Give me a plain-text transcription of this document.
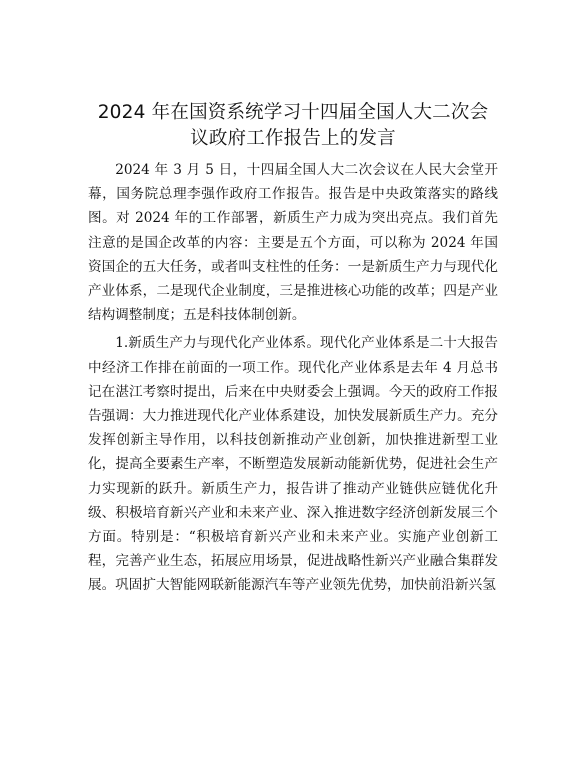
2024 年在国资系统学习十四届全国人大二次会
议政府工作报告上的发言

2024 年 3 月 5 日，十四届全国人大二次会议在人民大会堂开幕，国务院总理李强作政府工作报告。报告是中央政策落实的路线图。对 2024 年的工作部署，新质生产力成为突出亮点。我们首先注意的是国企改革的内容：主要是五个方面，可以称为 2024 年国资国企的五大任务，或者叫支柱性的任务：一是新质生产力与现代化产业体系，二是现代企业制度，三是推进核心功能的改革；四是产业结构调整制度；五是科技体制创新。

1.新质生产力与现代化产业体系。现代化产业体系是二十大报告中经济工作排在前面的一项工作。现代化产业体系是去年 4 月总书记在湛江考察时提出，后来在中央财委会上强调。今天的政府工作报告强调：大力推进现代化产业体系建设，加快发展新质生产力。充分发挥创新主导作用，以科技创新推动产业创新，加快推进新型工业化，提高全要素生产率，不断塑造发展新动能新优势，促进社会生产力实现新的跃升。新质生产力，报告讲了推动产业链供应链优化升级、积极培育新兴产业和未来产业、深入推进数字经济创新发展三个方面。特别是：“积极培育新兴产业和未来产业。实施产业创新工程，完善产业生态，拓展应用场景，促进战略性新兴产业融合集群发展。巩固扩大智能网联新能源汽车等产业领先优势，加快前沿新兴氢
